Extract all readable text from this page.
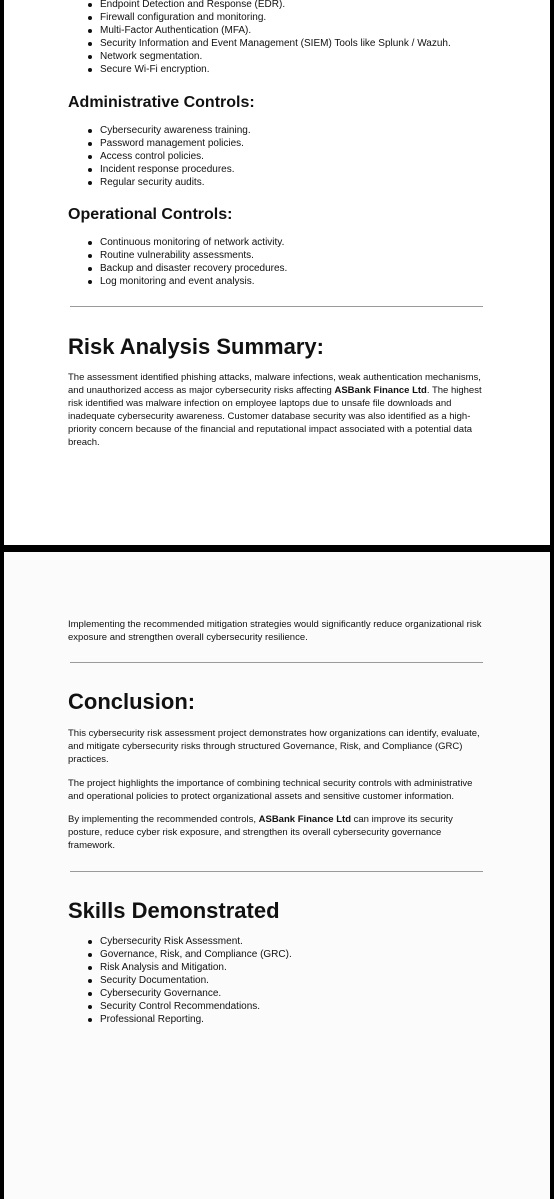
Endpoint Detection and Response (EDR).
Firewall configuration and monitoring.
Multi-Factor Authentication (MFA).
Security Information and Event Management (SIEM) Tools like Splunk / Wazuh.
Network segmentation.
Secure Wi-Fi encryption.
Administrative Controls:
Cybersecurity awareness training.
Password management policies.
Access control policies.
Incident response procedures.
Regular security audits.
Operational Controls:
Continuous monitoring of network activity.
Routine vulnerability assessments.
Backup and disaster recovery procedures.
Log monitoring and event analysis.
Risk Analysis Summary:

The assessment identified phishing attacks, malware infections, weak authentication mechanisms, and unauthorized access as major cybersecurity risks affecting ASBank Finance Ltd. The highest risk identified was malware infection on employee laptops due to unsafe file downloads and inadequate cybersecurity awareness. Customer database security was also identified as a high-priority concern because of the financial and reputational impact associated with a potential data breach.

Implementing the recommended mitigation strategies would significantly reduce organizational risk exposure and strengthen overall cybersecurity resilience.

Conclusion:

This cybersecurity risk assessment project demonstrates how organizations can identify, evaluate, and mitigate cybersecurity risks through structured Governance, Risk, and Compliance (GRC) practices.

The project highlights the importance of combining technical security controls with administrative and operational policies to protect organizational assets and sensitive customer information.

By implementing the recommended controls, ASBank Finance Ltd can improve its security posture, reduce cyber risk exposure, and strengthen its overall cybersecurity governance framework.

Skills Demonstrated
Cybersecurity Risk Assessment.
Governance, Risk, and Compliance (GRC).
Risk Analysis and Mitigation.
Security Documentation.
Cybersecurity Governance.
Security Control Recommendations.
Professional Reporting.
